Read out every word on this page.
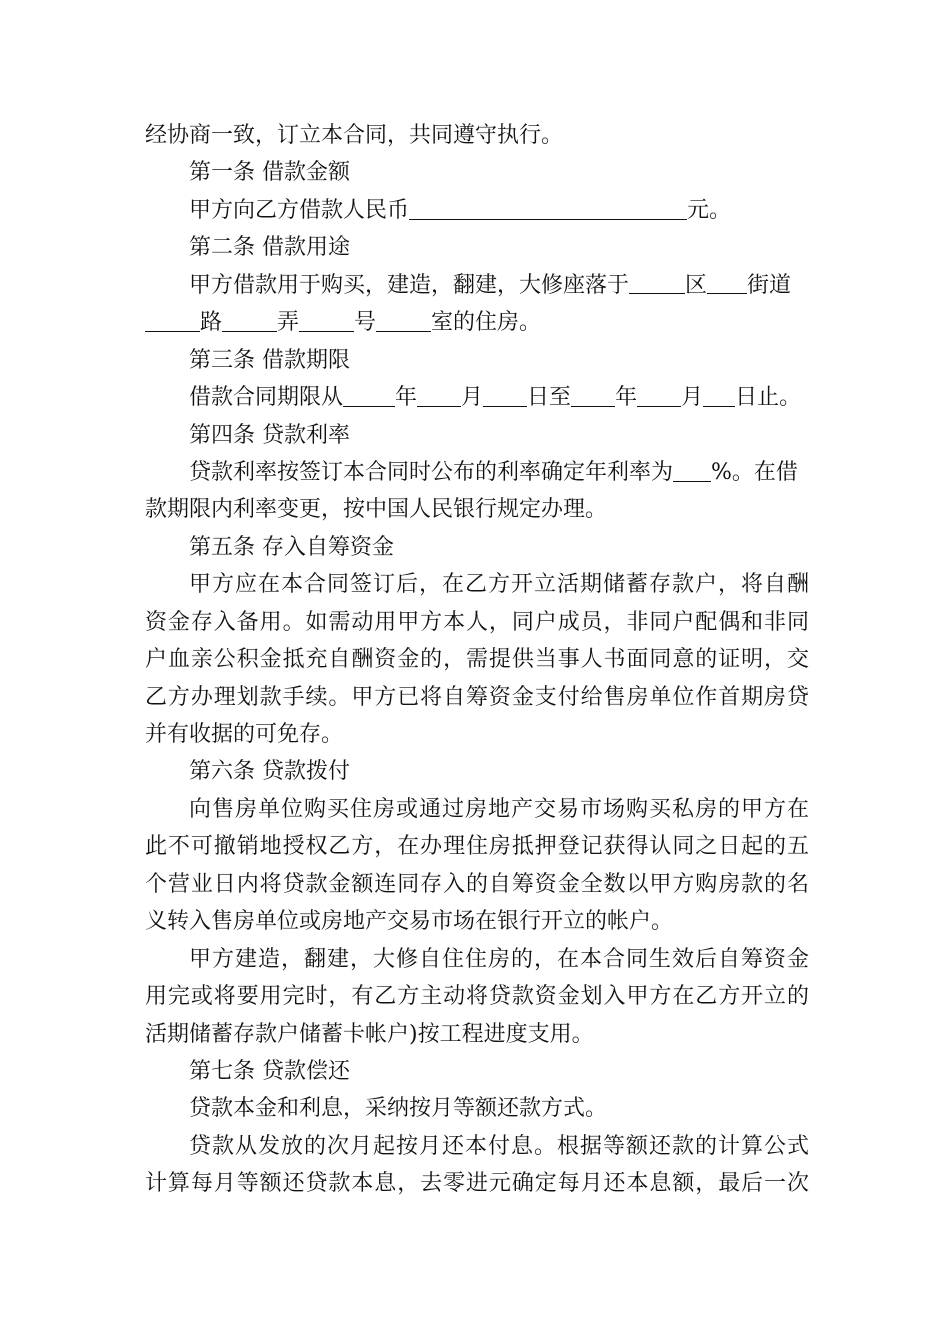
经协商一致，订立本合同，共同遵守执行。
第一条 借款金额
甲方向乙方借款人民币	元。
第二条 借款用途
甲方借款用于购买，建造，翻建，大修座落于	区 街道
路	弄	号	室的住房。
第三条 借款期限
借款合同期限从 年 月 日至 年 月 日止。
第四条 贷款利率
贷款利率按签订本合同时公布的利率确定年利率为 %。在借
款期限内利率变更，按中国人民银行规定办理。
第五条 存入自筹资金
甲方应在本合同签订后，在乙方开立活期储蓄存款户，将自酬
资金存入备用。如需动用甲方本人，同户成员，非同户配偶和非同
户血亲公积金抵充自酬资金的，需提供当事人书面同意的证明，交
乙方办理划款手续。甲方已将自筹资金支付给售房单位作首期房贷
并有收据的可免存。
第六条 贷款拨付
向售房单位购买住房或通过房地产交易市场购买私房的甲方在
此不可撤销地授权乙方，在办理住房抵押登记获得认同之日起的五
个营业日内将贷款金额连同存入的自筹资金全数以甲方购房款的名
义转入售房单位或房地产交易市场在银行开立的帐户。
甲方建造，翻建，大修自住住房的，在本合同生效后自筹资金
用完或将要用完时，有乙方主动将贷款资金划入甲方在乙方开立的
活期储蓄存款户储蓄卡帐户)按工程进度支用。
第七条 贷款偿还
贷款本金和利息，采纳按月等额还款方式。
贷款从发放的次月起按月还本付息。根据等额还款的计算公式
计算每月等额还贷款本息，去零进元确定每月还本息额，最后一次
